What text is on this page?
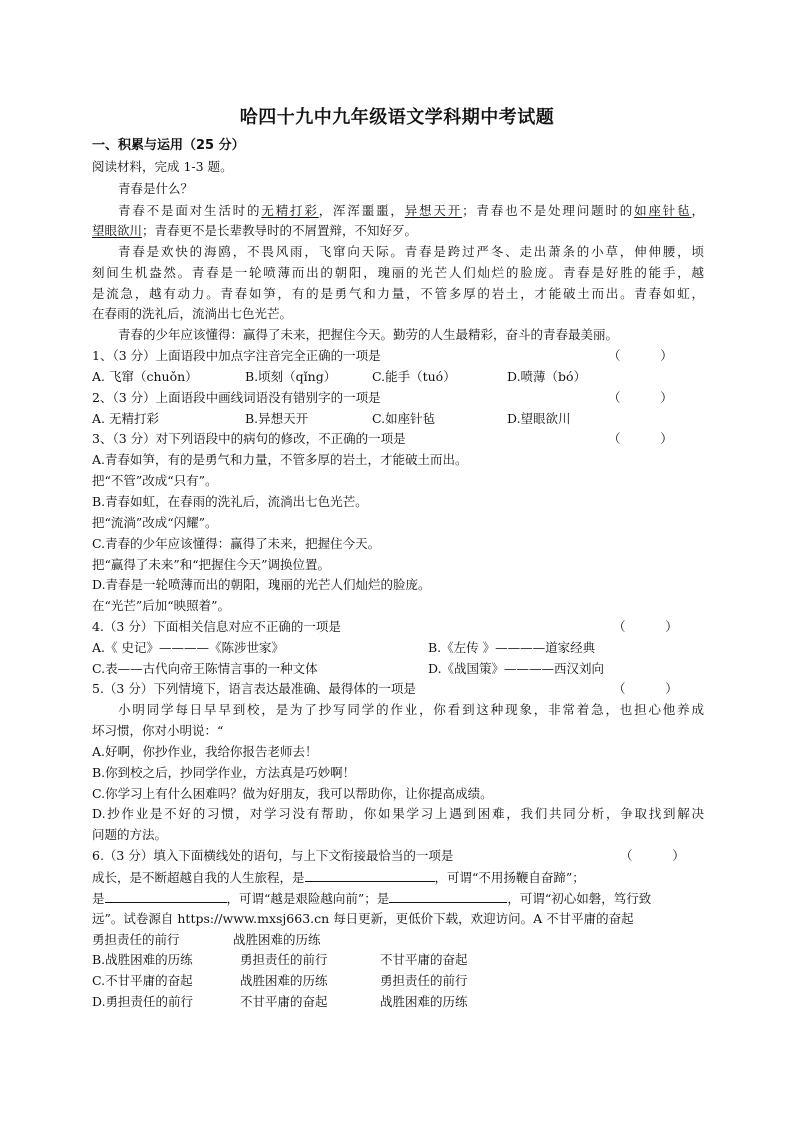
哈四十九中九年级语文学科期中考试题
一、积累与运用（25 分）
阅读材料，完成 1-3 题。
青春是什么？
青春不是面对生活时的无精打彩，浑浑噩噩，异想天开；青春也不是处理问题时的如座针毡，
望眼欲川；青春更不是长辈教导时的不屑置辩，不知好歹。
青春是欢快的海鸥，不畏风雨，飞窜向天际。青春是跨过严冬、走出萧条的小草，伸伸腰，顷
刻间生机盎然。青春是一轮喷薄而出的朝阳，瑰丽的光芒人们灿烂的脸庞。青春是好胜的能手，越
是流急，越有动力。青春如笋，有的是勇气和力量，不管多厚的岩土，才能破土而出。青春如虹，
在春雨的洗礼后，流淌出七色光芒。
青春的少年应该懂得：赢得了未来，把握住今天。勤劳的人生最精彩，奋斗的青春最美丽。
1、（3 分）上面语段中加点字注音完全正确的一项是	（          ）
A. 飞窜（chuǒn）	B.顷刻（qǐng）	C.能手（tuó）	D.喷薄（bó）
2、（3 分）上面语段中画线词语没有错别字的一项是	（          ）
A. 无精打彩	B.异想天开	C.如座针毡	D.望眼欲川
3、（3 分）对下列语段中的病句的修改，不正确的一项是	（          ）
A.青春如笋，有的是勇气和力量，不管多厚的岩土，才能破土而出。
把“不管”改成“只有”。
B.青春如虹，在春雨的洗礼后，流淌出七色光芒。
把“流淌”改成“闪耀”。
C.青春的少年应该懂得：赢得了未来，把握住今天。
把“赢得了未来”和“把握住今天”调换位置。
D.青春是一轮喷薄而出的朝阳，瑰丽的光芒人们灿烂的脸庞。
在“光芒”后加“映照着”。
4.（3 分）下面相关信息对应不正确的一项是	（          ）
A.《 史记》————《陈涉世家》	B.《左传 》————道家经典
C.表——古代向帝王陈情言事的一种文体	D.《战国策》————西汉刘向
5.（3 分）下列情境下，语言表达最准确、最得体的一项是	（          ）
小明同学每日早早到校，是为了抄写同学的作业，你看到这种现象，非常着急，也担心他养成
坏习惯，你对小明说：“
A.好啊，你抄作业，我给你报告老师去！
B.你到校之后，抄同学作业，方法真是巧妙啊！
C.你学习上有什么困难吗？做为好朋友，我可以帮助你，让你提高成绩。
D.抄作业是不好的习惯，对学习没有帮助，你如果学习上遇到困难，我们共同分析，争取找到解决
问题的方法。
6.（3 分）填入下面横线处的语句，与上下文衔接最恰当的一项是	（          ）
成长，是不断超越自我的人生旅程，是	，可谓“不用扬鞭自奋蹄”；
是	，可谓“越是艰险越向前”；是	，可谓“初心如磐，笃行致
远”。试卷源自 https://www.mxsj663.cn 每日更新，更低价下载，欢迎访问。A 不甘平庸的奋起
勇担责任的前行	战胜困难的历练
B.战胜困难的历练	勇担责任的前行	不甘平庸的奋起
C.不甘平庸的奋起	战胜困难的历练	勇担责任的前行
D.勇担责任的前行	不甘平庸的奋起	战胜困难的历练
